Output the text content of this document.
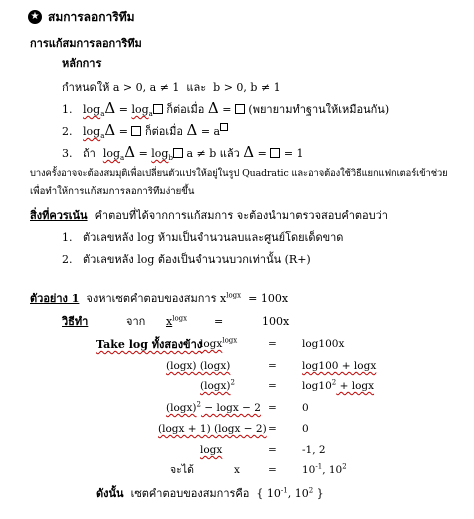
★ สมการลอการิทึม
การแก้สมการลอการิทึม
หลักการ
กำหนดให้ a > 0, a ≠ 1 และ b > 0, b ≠ 1
1. $\log_a\Delta = \log_a$ ก็ต่อเมื่อ Δ = (พยายามทำฐานให้เหมือนกัน)
2. $\log_a\Delta$ = ก็ต่อเมื่อ Δ = a
3. ถ้า $\log_a\Delta = \log_b a \ne b$ แล้ว Δ = = 1
บางครั้งอาจจะต้องสมมุติเพื่อเปลี่ยนตัวแปรให้อยู่ในรูป Quadratic และอาจต้องใช้วิธีแยกแฟกเตอร์เข้าช่วย
เพื่อทำให้การแก้สมการลอการิทึมง่ายขึ้น
สิ่งที่ควรเน้น คำตอบที่ได้จากการแก้สมการ จะต้องนำมาตรวจสอบคำตอบว่า
1. ตัวเลขหลัง log ห้ามเป็นจำนวนลบและศูนย์โดยเด็ดขาด
2. ตัวเลขหลัง log ต้องเป็นจำนวนบวกเท่านั้น (R+)
ตัวอย่าง 1 จงหาเซตคำตอบของสมการ $x^{logx} = 100x$
วิธีทำ	จาก $x^{logx}$ =	100x
Take log ทั้งสองข้าง
logx$^{logx}$	= log100x
(logx) (logx)	= log100 + logx
$(\log x)^2$	= $\log 10^2 + \log x$
$(\log x)^2 - \log x - 2 = 0$
(logx + 1) (logx − 2) = 0
logx	= -1, 2
จะได้	x	= $10^{-1}$, $10^2$
ดังนั้น เซตคำตอบของสมการคือ { $10^{-1}$, $10^2$ }
